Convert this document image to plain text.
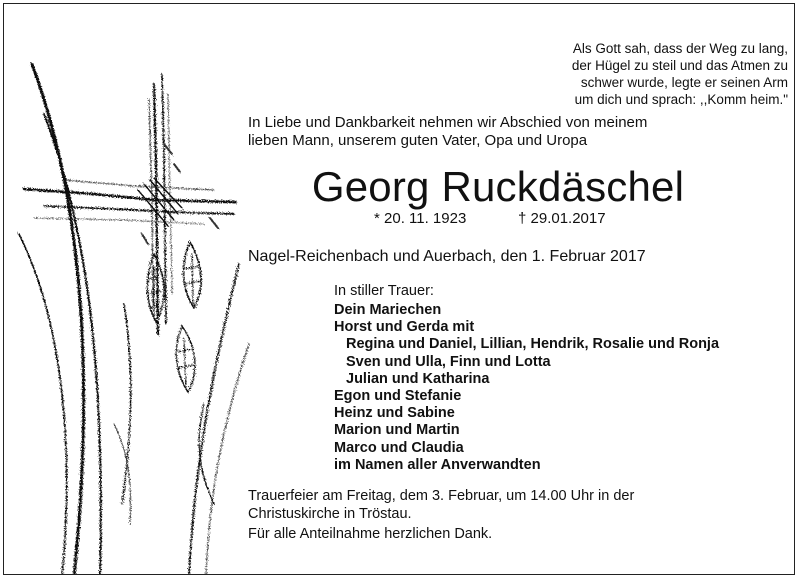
Als Gott sah, dass der Weg zu lang,
der Hügel zu steil und das Atmen zu
schwer wurde, legte er seinen Arm
um dich und sprach: ,,Komm heim."
In Liebe und Dankbarkeit nehmen wir Abschied von meinem
lieben Mann, unserem guten Vater, Opa und Uropa
Georg Ruckdäschel
* 20. 11. 1923	† 29.01.2017
Nagel-Reichenbach und Auerbach, den 1. Februar 2017
In stiller Trauer:
Dein Mariechen
Horst und Gerda mit
Regina und Daniel, Lillian, Hendrik, Rosalie und Ronja
Sven und Ulla, Finn und Lotta
Julian und Katharina
Egon und Stefanie
Heinz und Sabine
Marion und Martin
Marco und Claudia
im Namen aller Anverwandten
Trauerfeier am Freitag, dem 3. Februar, um 14.00 Uhr in der
Christuskirche in Tröstau.
Für alle Anteilnahme herzlichen Dank.
